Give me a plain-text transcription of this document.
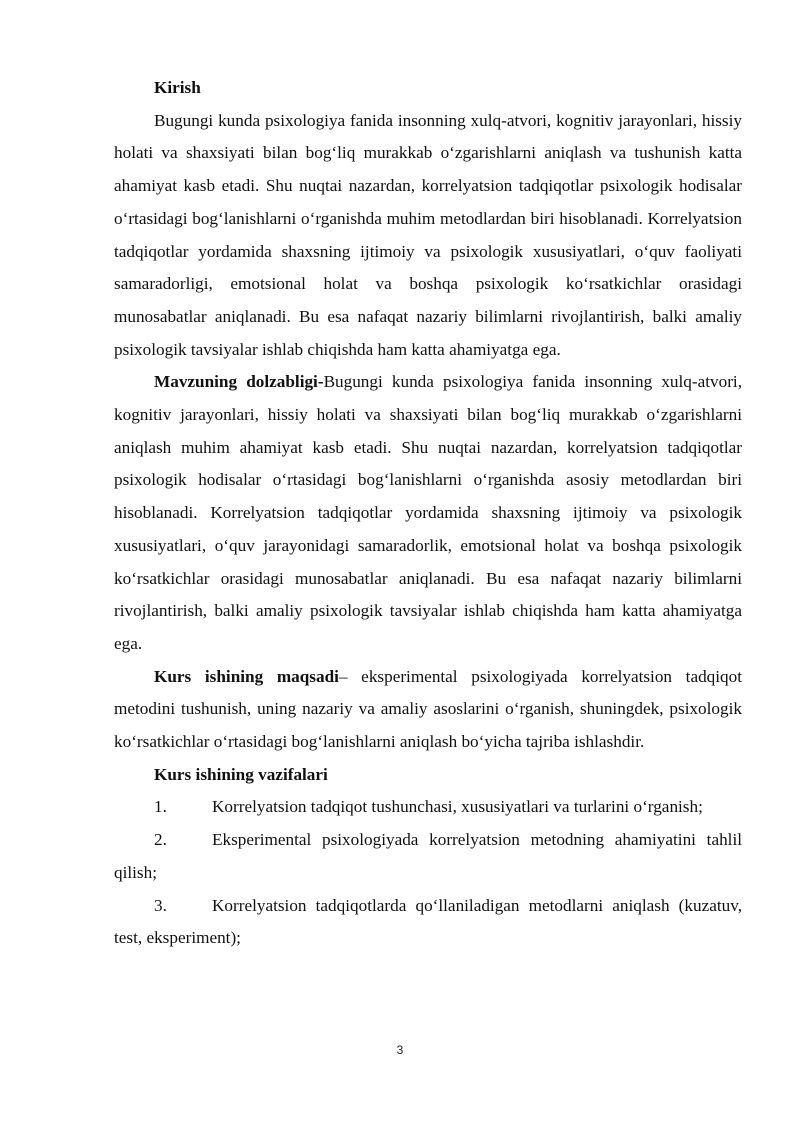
Kirish

Bugungi kunda psixologiya fanida insonning xulq-atvori, kognitiv jarayonlari, hissiy holati va shaxsiyati bilan bog‘liq murakkab o‘zgarishlarni aniqlash va tushunish katta ahamiyat kasb etadi. Shu nuqtai nazardan, korrelyatsion tadqiqotlar psixologik hodisalar o‘rtasidagi bog‘lanishlarni o‘rganishda muhim metodlardan biri hisoblanadi. Korrelyatsion tadqiqotlar yordamida shaxsning ijtimoiy va psixologik xususiyatlari, o‘quv faoliyati samaradorligi, emotsional holat va boshqa psixologik ko‘rsatkichlar orasidagi munosabatlar aniqlanadi. Bu esa nafaqat nazariy bilimlarni rivojlantirish, balki amaliy psixologik tavsiyalar ishlab chiqishda ham katta ahamiyatga ega.

Mavzuning dolzabligi-Bugungi kunda psixologiya fanida insonning xulq-atvori, kognitiv jarayonlari, hissiy holati va shaxsiyati bilan bog‘liq murakkab o‘zgarishlarni aniqlash muhim ahamiyat kasb etadi. Shu nuqtai nazardan, korrelyatsion tadqiqotlar psixologik hodisalar o‘rtasidagi bog‘lanishlarni o‘rganishda asosiy metodlardan biri hisoblanadi. Korrelyatsion tadqiqotlar yordamida shaxsning ijtimoiy va psixologik xususiyatlari, o‘quv jarayonidagi samaradorlik, emotsional holat va boshqa psixologik ko‘rsatkichlar orasidagi munosabatlar aniqlanadi. Bu esa nafaqat nazariy bilimlarni rivojlantirish, balki amaliy psixologik tavsiyalar ishlab chiqishda ham katta ahamiyatga ega.

Kurs ishining maqsadi– eksperimental psixologiyada korrelyatsion tadqiqot metodini tushunish, uning nazariy va amaliy asoslarini o‘rganish, shuningdek, psixologik ko‘rsatkichlar o‘rtasidagi bog‘lanishlarni aniqlash bo‘yicha tajriba ishlashdir.

Kurs ishining vazifalari

1.	Korrelyatsion tadqiqot tushunchasi, xususiyatlari va turlarini o‘rganish;

2.	Eksperimental psixologiyada korrelyatsion metodning ahamiyatini tahlil qilish;

3.	Korrelyatsion tadqiqotlarda qo‘llaniladigan metodlarni aniqlash (kuzatuv, test, eksperiment);

3
